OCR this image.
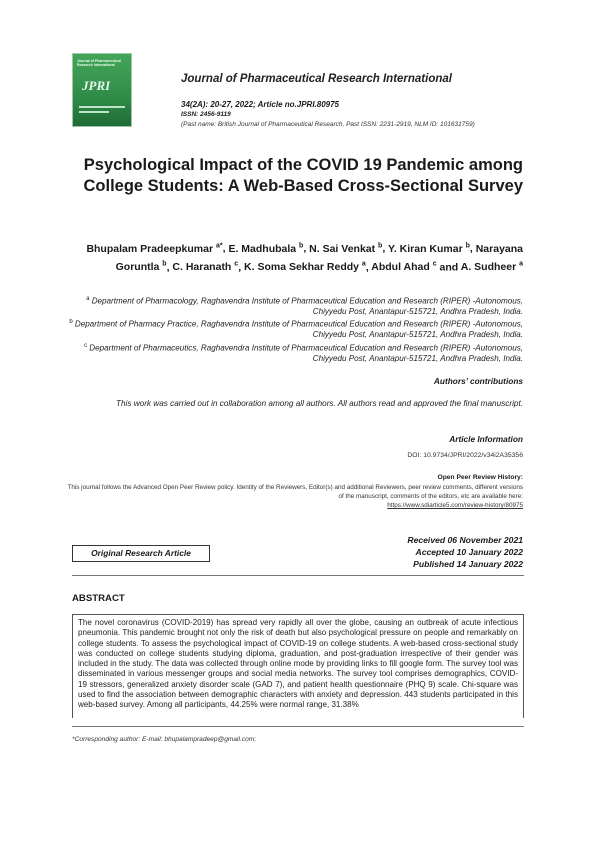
Journal of Pharmaceutical Research International
JPRI	Journal of Pharmaceutical Research International
34(2A): 20-27, 2022; Article no.JPRI.80975
ISSN: 2456-9119
(Past name: British Journal of Pharmaceutical Research, Past ISSN: 2231-2919, NLM ID: 101631759)
Psychological Impact of the COVID 19 Pandemic among College Students: A Web-Based Cross-Sectional Survey
Bhupalam Pradeepkumar $^{a*}$, E. Madhubala $^b$, N. Sai Venkat $^b$, Y. Kiran Kumar $^b$, Narayana Goruntla $^b$, C. Haranath $^c$, K. Soma Sekhar Reddy $^a$, Abdul Ahad $^c$ and A. Sudheer $^a$
$^a$ Department of Pharmacology, Raghavendra Institute of Pharmaceutical Education and Research (RIPER) -Autonomous, Chiyyedu Post, Anantapur-515721, Andhra Pradesh, India.
$^b$ Department of Pharmacy Practice, Raghavendra Institute of Pharmaceutical Education and Research (RIPER) -Autonomous, Chiyyedu Post, Anantapur-515721, Andhra Pradesh, India.
$^c$ Department of Pharmaceutics, Raghavendra Institute of Pharmaceutical Education and Research (RIPER) -Autonomous, Chiyyedu Post, Anantapur-515721, Andhra Pradesh, India.
Authors’ contributions
This work was carried out in collaboration among all authors. All authors read and approved the final manuscript.
Article Information
DOI: 10.9734/JPRI/2022/v34i2A35356
Open Peer Review History:
This journal follows the Advanced Open Peer Review policy. Identity of the Reviewers, Editor(s) and additional Reviewers, peer review comments, different versions of the manuscript, comments of the editors, etc are available here:
https://www.sdiarticle5.com/review-history/80975
Original Research Article
Received 06 November 2021
Accepted 10 January 2022
Published 14 January 2022
ABSTRACT

The novel coronavirus (COVID-2019) has spread very rapidly all over the globe, causing an outbreak of acute infectious pneumonia. This pandemic brought not only the risk of death but also psychological pressure on people and remarkably on college students. To assess the psychological impact of COVID-19 on college students. A web-based cross-sectional study was conducted on college students studying diploma, graduation, and post-graduation irrespective of their gender was included in the study. The data was collected through online mode by providing links to fill google form. The survey tool was disseminated in various messenger groups and social media networks. The survey tool comprises demographics, COVID-19 stressors, generalized anxiety disorder scale (GAD 7), and patient health questionnaire (PHQ 9) scale. Chi-square was used to find the association between demographic characters with anxiety and depression. 443 students participated in this web-based survey. Among all participants, 44.25% were normal range, 31.38%

*Corresponding author: E-mail: bhupalampradeep@gmail.com;
